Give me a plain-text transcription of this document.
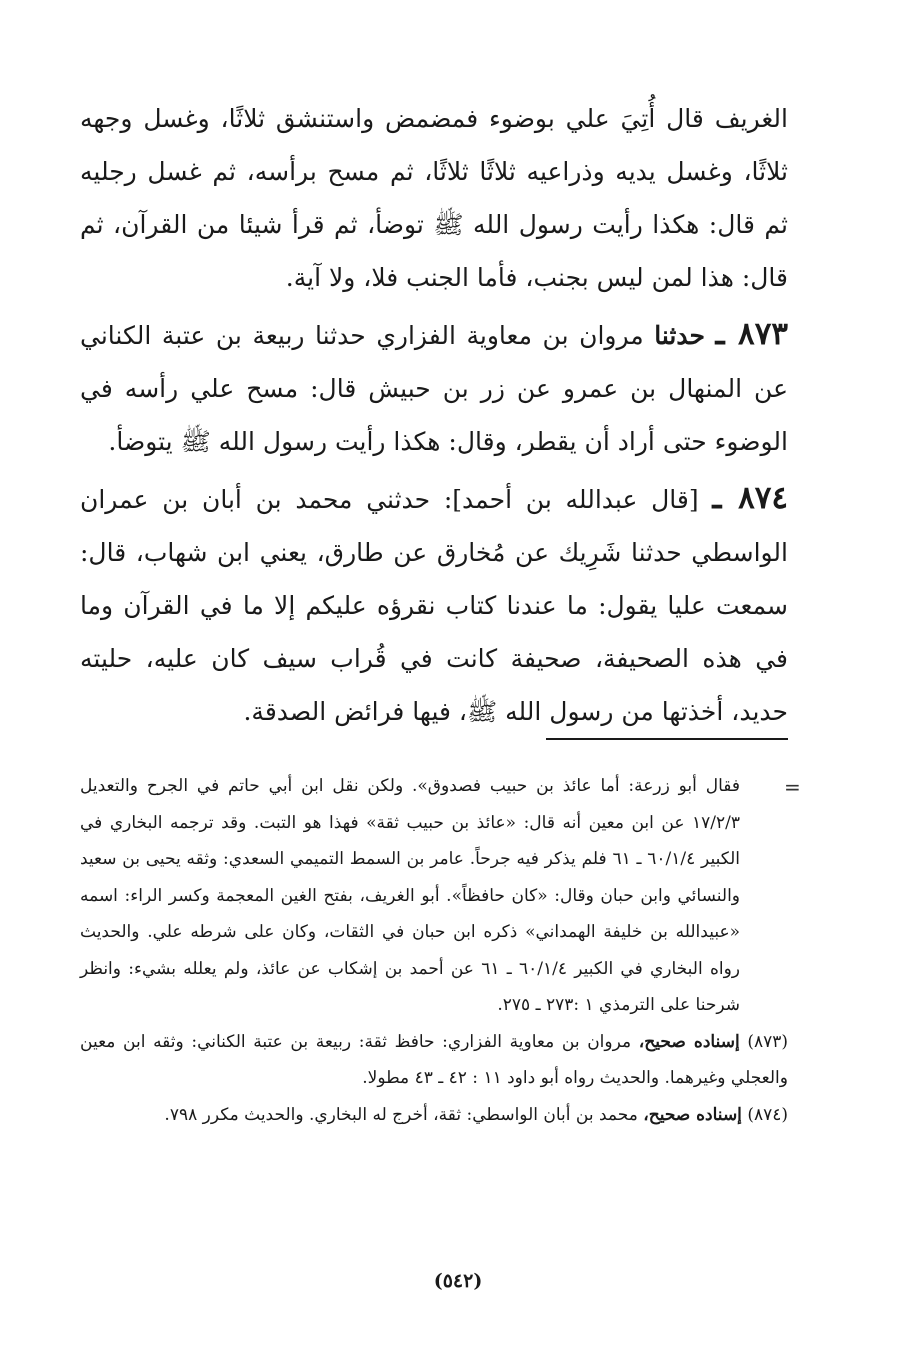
الغريف قال أُتِيَ علي بوضوء فمضمض واستنشق ثلاثًا، وغسل وجهه ثلاثًا، وغسل يديه وذراعيه ثلاثًا ثلاثًا، ثم مسح برأسه، ثم غسل رجليه ثم قال: هكذا رأيت رسول الله ﷺ توضأ، ثم قرأ شيئا من القرآن، ثم قال: هذا لمن ليس بجنب، فأما الجنب فلا، ولا آية.

٨٧٣ ـ حدثنا مروان بن معاوية الفزاري حدثنا ربيعة بن عتبة الكناني عن المنهال بن عمرو عن زر بن حبيش قال: مسح علي رأسه في الوضوء حتى أراد أن يقطر، وقال: هكذا رأيت رسول الله ﷺ يتوضأ.

٨٧٤ ـ [قال عبدالله بن أحمد]: حدثني محمد بن أبان بن عمران الواسطي حدثنا شَرِيك عن مُخارق عن طارق، يعني ابن شهاب، قال: سمعت عليا يقول: ما عندنا كتاب نقرؤه عليكم إلا ما في القرآن وما في هذه الصحيفة، صحيفة كانت في قُراب سيف كان عليه، حليته حديد، أخذتها من رسول الله ﷺ، فيها فرائض الصدقة.

=

فقال أبو زرعة: أما عائذ بن حبيب فصدوق». ولكن نقل ابن أبي حاتم في الجرح والتعديل ١٧/٢/٣ عن ابن معين أنه قال: «عائذ بن حبيب ثقة» فهذا هو التبت. وقد ترجمه البخاري في الكبير ٦٠/١/٤ ـ ٦١ فلم يذكر فيه جرحاً. عامر بن السمط التميمي السعدي: وثقه يحيى بن سعيد والنسائي وابن حبان وقال: «كان حافظاً». أبو الغريف، بفتح الغين المعجمة وكسر الراء: اسمه «عبيدالله بن خليفة الهمداني» ذكره ابن حبان في الثقات، وكان على شرطه علي. والحديث رواه البخاري في الكبير ٦٠/١/٤ ـ ٦١ عن أحمد بن إشكاب عن عائذ، ولم يعلله بشيء: وانظر شرحنا على الترمذي ١ :٢٧٣ ـ ٢٧٥.

(٨٧٣) إسناده صحيح، مروان بن معاوية الفزاري: حافظ ثقة: ربيعة بن عتبة الكناني: وثقه ابن معين والعجلي وغيرهما. والحديث رواه أبو داود ١١ : ٤٢ ـ ٤٣ مطولا.

(٨٧٤) إسناده صحيح، محمد بن أبان الواسطي: ثقة، أخرج له البخاري. والحديث مكرر ٧٩٨.

(٥٤٢)
